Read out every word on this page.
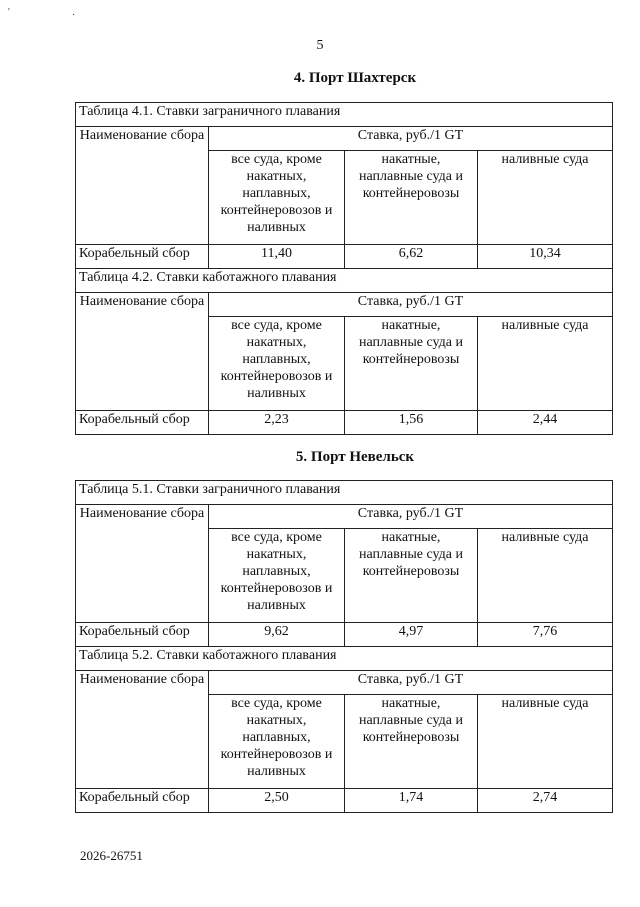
' .
5
4. Порт Шахтерск
Таблица 4.1. Ставки заграничного плавания			
Наименование сбора	Ставка, руб./1 GT		
	все суда, кроме накатных, наплавных, контейнеровозов и наливных	накатные, наплавные суда и контейнеровозы	наливные суда
Корабельный сбор	11,40	6,62	10,34
Таблица 4.2. Ставки каботажного плавания			
Наименование сбора	Ставка, руб./1 GT		
	все суда, кроме накатных, наплавных, контейнеровозов и наливных	накатные, наплавные суда и контейнеровозы	наливные суда
Корабельный сбор	2,23	1,56	2,44
5. Порт Невельск
Таблица 5.1. Ставки заграничного плавания			
Наименование сбора	Ставка, руб./1 GT		
	все суда, кроме накатных, наплавных, контейнеровозов и наливных	накатные, наплавные суда и контейнеровозы	наливные суда
Корабельный сбор	9,62	4,97	7,76
Таблица 5.2. Ставки каботажного плавания			
Наименование сбора	Ставка, руб./1 GT		
	все суда, кроме накатных, наплавных, контейнеровозов и наливных	накатные, наплавные суда и контейнеровозы	наливные суда
Корабельный сбор	2,50	1,74	2,74
2026-26751
